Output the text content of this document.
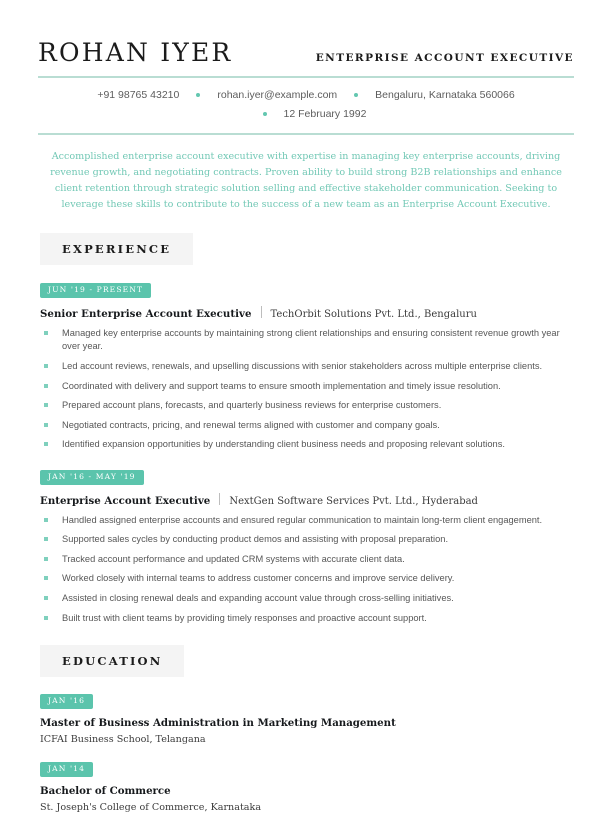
ROHAN IYER	ENTERPRISE ACCOUNT EXECUTIVE
+91 98765 43210	rohan.iyer@example.com	Bengaluru, Karnataka 560066
12 February 1992
Accomplished enterprise account executive with expertise in managing key enterprise accounts, driving revenue growth, and negotiating contracts. Proven ability to build strong B2B relationships and enhance client retention through strategic solution selling and effective stakeholder communication. Seeking to leverage these skills to contribute to the success of a new team as an Enterprise Account Executive.
EXPERIENCE
JUN '19 - PRESENT
Senior Enterprise Account Executive TechOrbit Solutions Pvt. Ltd., Bengaluru
Managed key enterprise accounts by maintaining strong client relationships and ensuring consistent revenue growth year over year.
Led account reviews, renewals, and upselling discussions with senior stakeholders across multiple enterprise clients.
Coordinated with delivery and support teams to ensure smooth implementation and timely issue resolution.
Prepared account plans, forecasts, and quarterly business reviews for enterprise customers.
Negotiated contracts, pricing, and renewal terms aligned with customer and company goals.
Identified expansion opportunities by understanding client business needs and proposing relevant solutions.
JAN '16 - MAY '19
Enterprise Account Executive NextGen Software Services Pvt. Ltd., Hyderabad
Handled assigned enterprise accounts and ensured regular communication to maintain long-term client engagement.
Supported sales cycles by conducting product demos and assisting with proposal preparation.
Tracked account performance and updated CRM systems with accurate client data.
Worked closely with internal teams to address customer concerns and improve service delivery.
Assisted in closing renewal deals and expanding account value through cross-selling initiatives.
Built trust with client teams by providing timely responses and proactive account support.
EDUCATION
JAN '16
Master of Business Administration in Marketing Management
ICFAI Business School, Telangana
JAN '14
Bachelor of Commerce
St. Joseph's College of Commerce, Karnataka
